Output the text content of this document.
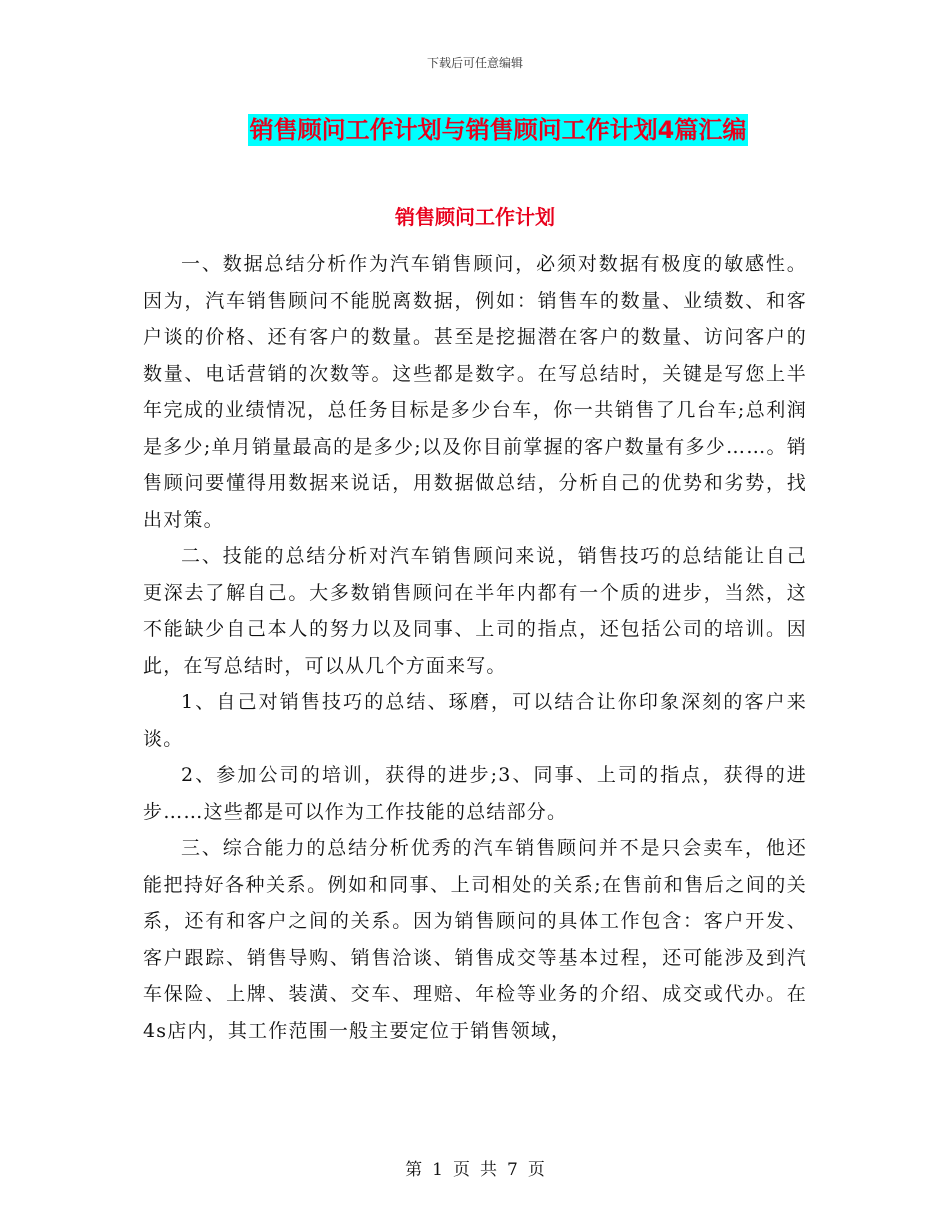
下载后可任意编辑
销售顾问工作计划与销售顾问工作计划4篇汇编
销售顾问工作计划

一、数据总结分析作为汽车销售顾问，必须对数据有极度的敏感性。因为，汽车销售顾问不能脱离数据，例如：销售车的数量、业绩数、和客户谈的价格、还有客户的数量。甚至是挖掘潜在客户的数量、访问客户的数量、电话营销的次数等。这些都是数字。在写总结时，关键是写您上半年完成的业绩情况，总任务目标是多少台车，你一共销售了几台车;总利润是多少;单月销量最高的是多少;以及你目前掌握的客户数量有多少……。销售顾问要懂得用数据来说话，用数据做总结，分析自己的优势和劣势，找出对策。

二、技能的总结分析对汽车销售顾问来说，销售技巧的总结能让自己更深去了解自己。大多数销售顾问在半年内都有一个质的进步，当然，这不能缺少自己本人的努力以及同事、上司的指点，还包括公司的培训。因此，在写总结时，可以从几个方面来写。

1、自己对销售技巧的总结、琢磨，可以结合让你印象深刻的客户来谈。

2、参加公司的培训，获得的进步;3、同事、上司的指点，获得的进步……这些都是可以作为工作技能的总结部分。

三、综合能力的总结分析优秀的汽车销售顾问并不是只会卖车，他还能把持好各种关系。例如和同事、上司相处的关系;在售前和售后之间的关系，还有和客户之间的关系。因为销售顾问的具体工作包含：客户开发、客户跟踪、销售导购、销售洽谈、销售成交等基本过程，还可能涉及到汽车保险、上牌、装潢、交车、理赔、年检等业务的介绍、成交或代办。在4s店内，其工作范围一般主要定位于销售领域，

第 1 页 共 7 页
